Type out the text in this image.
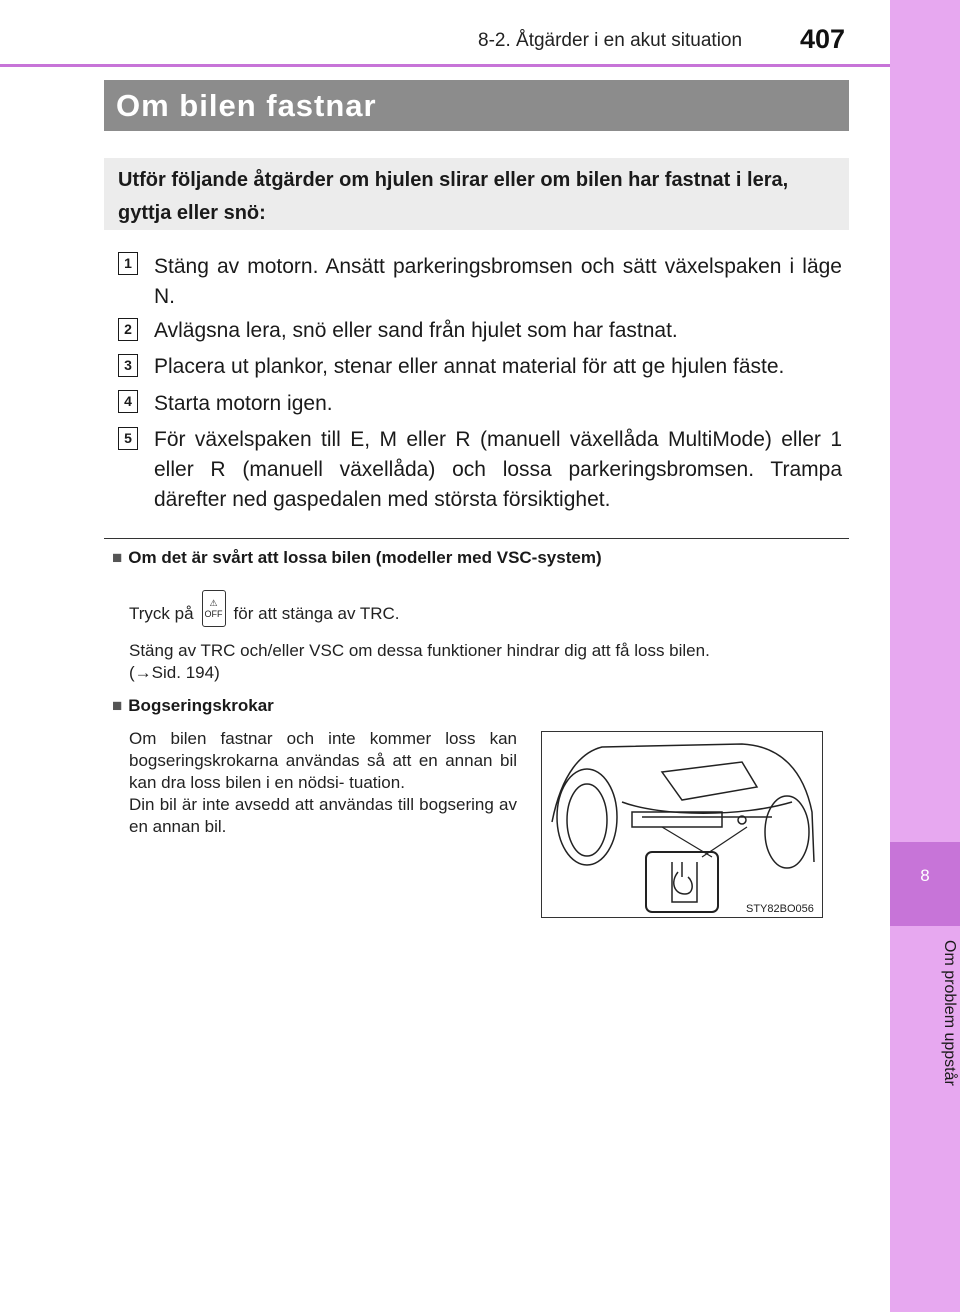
8-2. Åtgärder i en akut situation 407
8
Om problem uppstår
Om bilen fastnar
Utför följande åtgärder om hjulen slirar eller om bilen har fastnat i lera, gyttja eller snö:
1 Stäng av motorn. Ansätt parkeringsbromsen och sätt växelspaken i läge N.
2 Avlägsna lera, snö eller sand från hjulet som har fastnat.
3 Placera ut plankor, stenar eller annat material för att ge hjulen fäste.
4 Starta motorn igen.
5 För växelspaken till E, M eller R (manuell växellåda MultiMode) eller 1 eller R (manuell växellåda) och lossa parkeringsbromsen. Trampa därefter ned gaspedalen med största försiktighet.
■ Om det är svårt att lossa bilen (modeller med VSC-system)
Tryck på⚠
OFF för att stänga av TRC.
Stäng av TRC och/eller VSC om dessa funktioner hindrar dig att få loss bilen.
(→Sid. 194)
■ Bogseringskrokar
Om bilen fastnar och inte kommer loss kan bogseringskrokarna användas så att en annan bil kan dra loss bilen i en nödsi- tuation.
Din bil är inte avsedd att användas till bogsering av en annan bil.
STY82BO056
